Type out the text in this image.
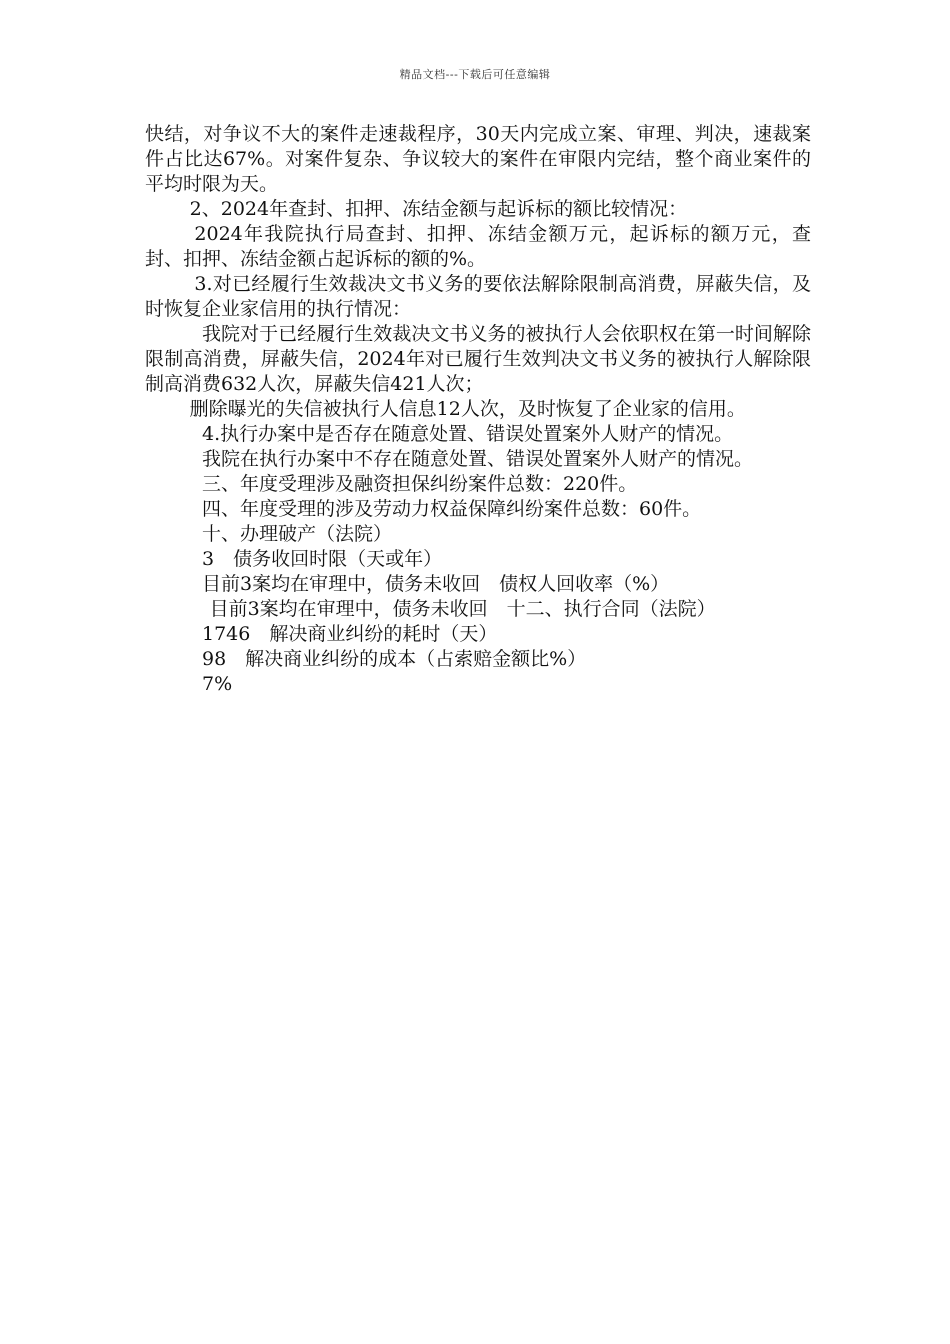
精品文档---下载后可任意编辑

快结，对争议不大的案件走速裁程序，30天内完成立案、审理、判决，速裁案件占比达67%。对案件复杂、争议较大的案件在审限内完结，整个商业案件的平均时限为天。

2、2024年查封、扣押、冻结金额与起诉标的额比较情况：

2024年我院执行局查封、扣押、冻结金额万元，起诉标的额万元，查封、扣押、冻结金额占起诉标的额的%。

3.对已经履行生效裁决文书义务的要依法解除限制高消费，屏蔽失信，及时恢复企业家信用的执行情况：

我院对于已经履行生效裁决文书义务的被执行人会依职权在第一时间解除限制高消费，屏蔽失信，2024年对已履行生效判决文书义务的被执行人解除限制高消费632人次，屏蔽失信421人次；

删除曝光的失信被执行人信息12人次，及时恢复了企业家的信用。

4.执行办案中是否存在随意处置、错误处置案外人财产的情况。

我院在执行办案中不存在随意处置、错误处置案外人财产的情况。

三、年度受理涉及融资担保纠纷案件总数：220件。

四、年度受理的涉及劳动力权益保障纠纷案件总数：60件。

十、办理破产（法院）

3　债务收回时限（天或年）

目前3案均在审理中，债务未收回　债权人回收率（%）

目前3案均在审理中，债务未收回　十二、执行合同（法院）

1746　解决商业纠纷的耗时（天）

98　解决商业纠纷的成本（占索赔金额比%）

7%
